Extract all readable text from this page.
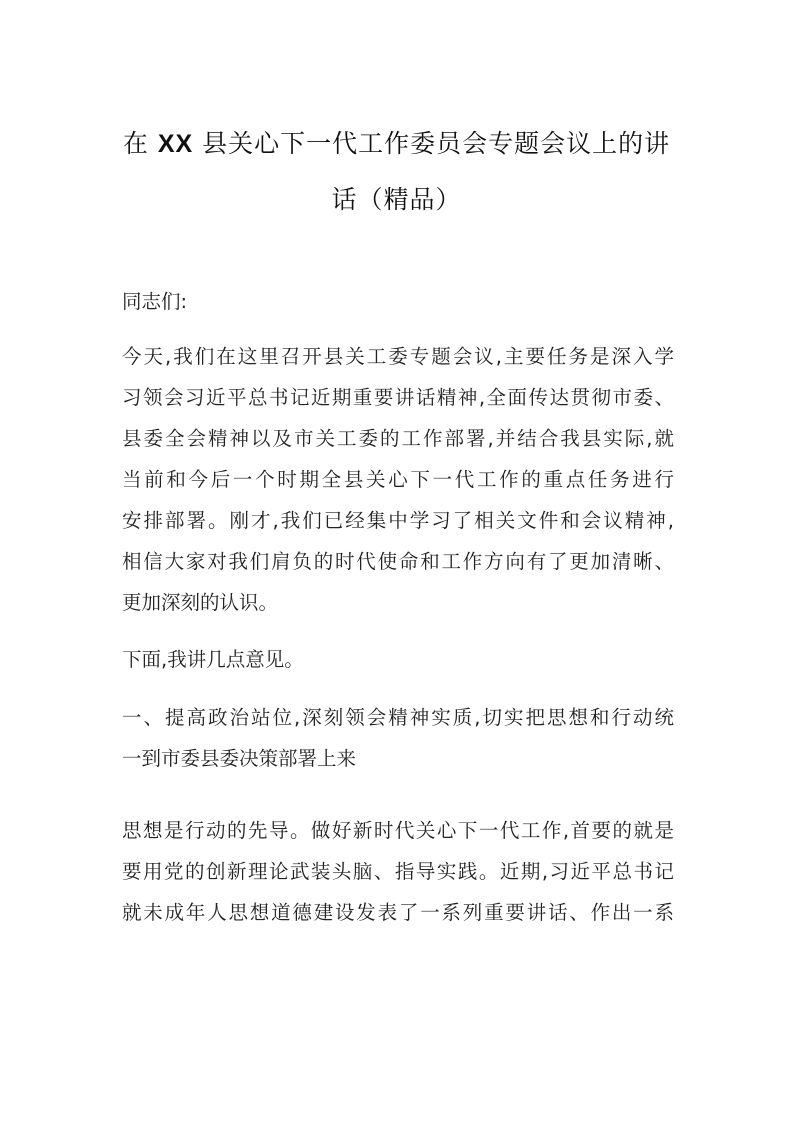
在 XX 县关心下一代工作委员会专题会议上的讲
话（精品）
同志们:
今天,我们在这里召开县关工委专题会议,主要任务是深入学
习领会习近平总书记近期重要讲话精神,全面传达贯彻市委、
县委全会精神以及市关工委的工作部署,并结合我县实际,就
当前和今后一个时期全县关心下一代工作的重点任务进行
安排部署。刚才,我们已经集中学习了相关文件和会议精神,
相信大家对我们肩负的时代使命和工作方向有了更加清晰、
更加深刻的认识。
下面,我讲几点意见。
一、提高政治站位,深刻领会精神实质,切实把思想和行动统
一到市委县委决策部署上来
思想是行动的先导。做好新时代关心下一代工作,首要的就是
要用党的创新理论武装头脑、指导实践。近期,习近平总书记
就未成年人思想道德建设发表了一系列重要讲话、作出一系
